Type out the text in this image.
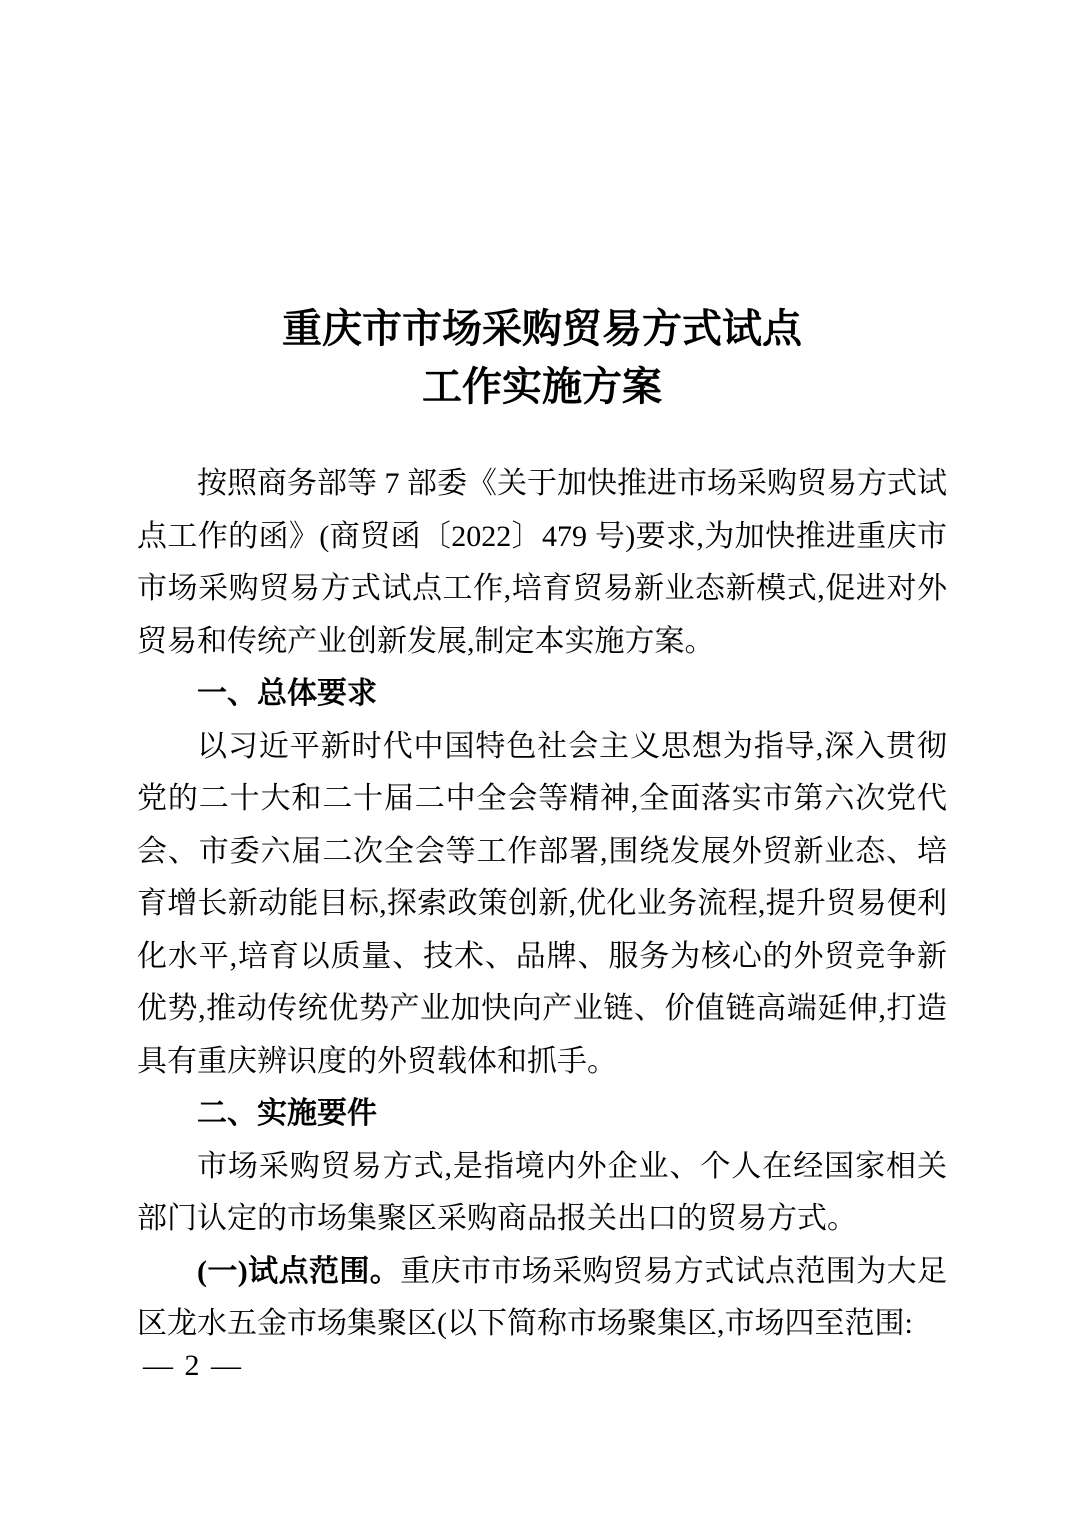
重庆市市场采购贸易方式试点
工作实施方案

按照商务部等 7 部委《关于加快推进市场采购贸易方式试点工作的函》(商贸函〔2022〕479 号)要求,为加快推进重庆市市场采购贸易方式试点工作,培育贸易新业态新模式,促进对外贸易和传统产业创新发展,制定本实施方案。

一、总体要求

以习近平新时代中国特色社会主义思想为指导,深入贯彻党的二十大和二十届二中全会等精神,全面落实市第六次党代会、市委六届二次全会等工作部署,围绕发展外贸新业态、培育增长新动能目标,探索政策创新,优化业务流程,提升贸易便利化水平,培育以质量、技术、品牌、服务为核心的外贸竞争新优势,推动传统优势产业加快向产业链、价值链高端延伸,打造具有重庆辨识度的外贸载体和抓手。

二、实施要件

市场采购贸易方式,是指境内外企业、个人在经国家相关部门认定的市场集聚区采购商品报关出口的贸易方式。

(一)试点范围。重庆市市场采购贸易方式试点范围为大足区龙水五金市场集聚区(以下简称市场聚集区,市场四至范围:

— 2 —
